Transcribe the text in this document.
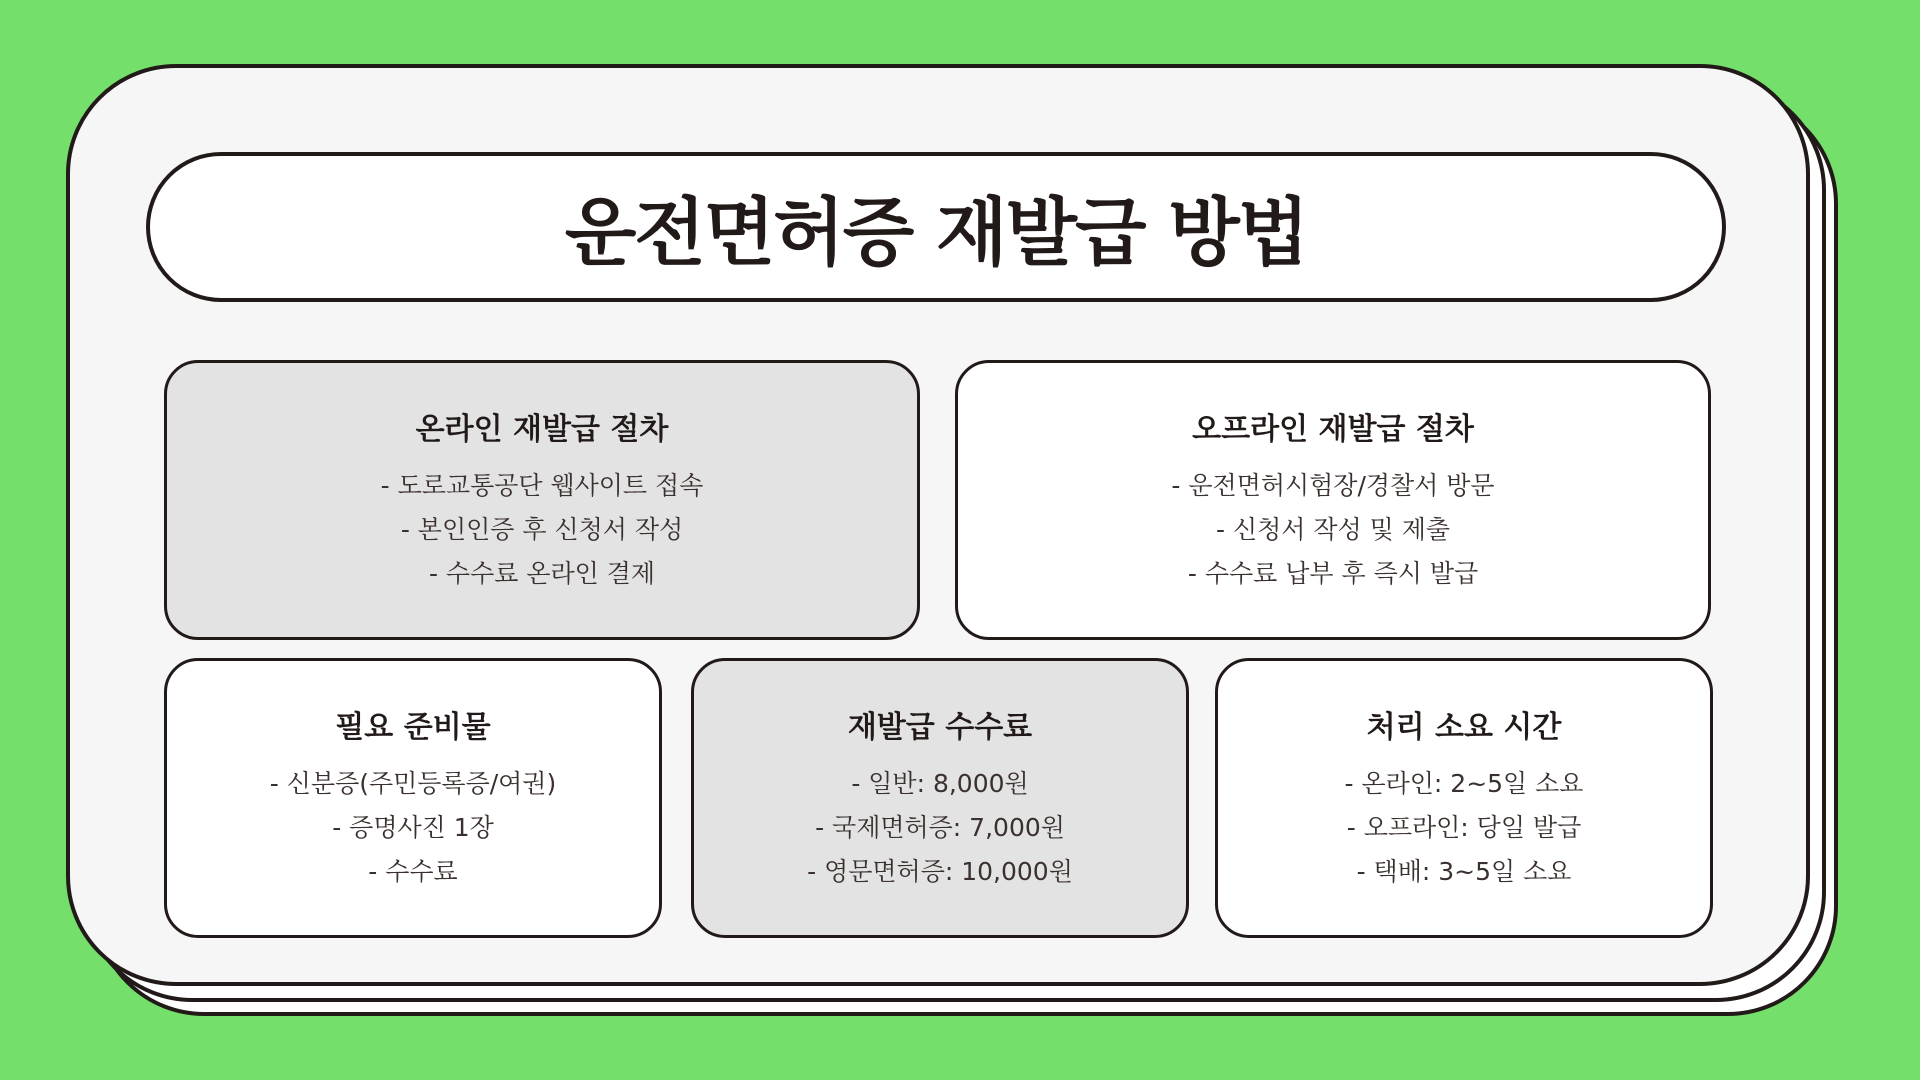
운전면허증 재발급 방법
온라인 재발급 절차
- 도로교통공단 웹사이트 접속
- 본인인증 후 신청서 작성
- 수수료 온라인 결제
오프라인 재발급 절차
- 운전면허시험장/경찰서 방문
- 신청서 작성 및 제출
- 수수료 납부 후 즉시 발급
필요 준비물
- 신분증(주민등록증/여권)
- 증명사진 1장
- 수수료
재발급 수수료
- 일반: 8,000원
- 국제면허증: 7,000원
- 영문면허증: 10,000원
처리 소요 시간
- 온라인: 2~5일 소요
- 오프라인: 당일 발급
- 택배: 3~5일 소요
